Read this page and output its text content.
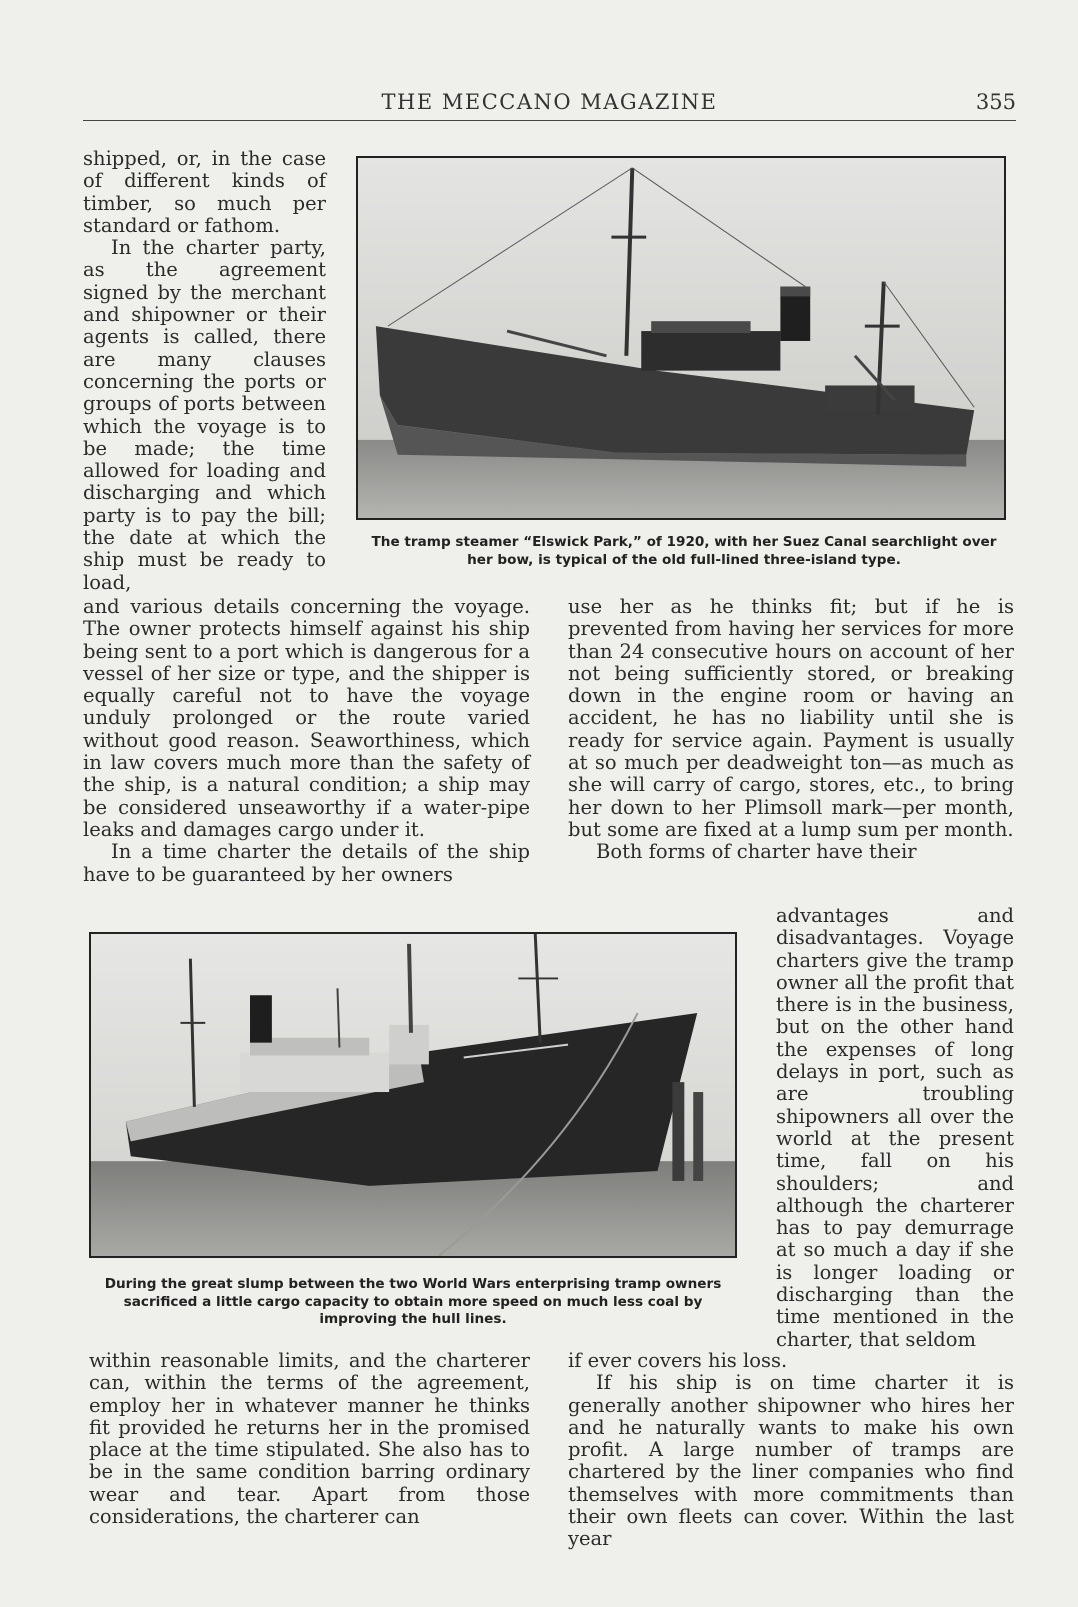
THE MECCANO MAGAZINE	355
The tramp steamer “Elswick Park,” of 1920, with her Suez Canal searchlight over her bow, is typical of the old full-lined three-island type.

shipped, or, in the case of different kinds of timber, so much per standard or fathom.

In the charter party, as the agreement signed by the merchant and shipowner or their agents is called, there are many clauses concerning the ports or groups of ports between which the voyage is to be made; the time allowed for loading and discharging and which party is to pay the bill; the date at which the ship must be ready to load,

and various details concerning the voyage. The owner protects himself against his ship being sent to a port which is dangerous for a vessel of her size or type, and the shipper is equally careful not to have the voyage unduly prolonged or the route varied without good reason. Seaworthiness, which in law covers much more than the safety of the ship, is a natural condition; a ship may be considered unseaworthy if a water-pipe leaks and damages cargo under it.

In a time charter the details of the ship have to be guaranteed by her owners

use her as he thinks fit; but if he is prevented from having her services for more than 24 consecutive hours on account of her not being sufficiently stored, or breaking down in the engine room or having an accident, he has no liability until she is ready for service again. Payment is usually at so much per deadweight ton—as much as she will carry of cargo, stores, etc., to bring her down to her Plimsoll mark—per month, but some are fixed at a lump sum per month.

Both forms of charter have their

During the great slump between the two World Wars enterprising tramp owners sacrificed a little cargo capacity to obtain more speed on much less coal by improving the hull lines.

advantages and disadvantages. Voyage charters give the tramp owner all the profit that there is in the business, but on the other hand the expenses of long delays in port, such as are troubling shipowners all over the world at the present time, fall on his shoulders; and although the charterer has to pay demurrage at so much a day if she is longer loading or discharging than the time mentioned in the charter, that seldom

within reasonable limits, and the charterer can, within the terms of the agreement, employ her in whatever manner he thinks fit provided he returns her in the promised place at the time stipulated. She also has to be in the same condition barring ordinary wear and tear. Apart from those considerations, the charterer can

if ever covers his loss.

If his ship is on time charter it is generally another shipowner who hires her and he naturally wants to make his own profit. A large number of tramps are chartered by the liner companies who find themselves with more commitments than their own fleets can cover. Within the last year
